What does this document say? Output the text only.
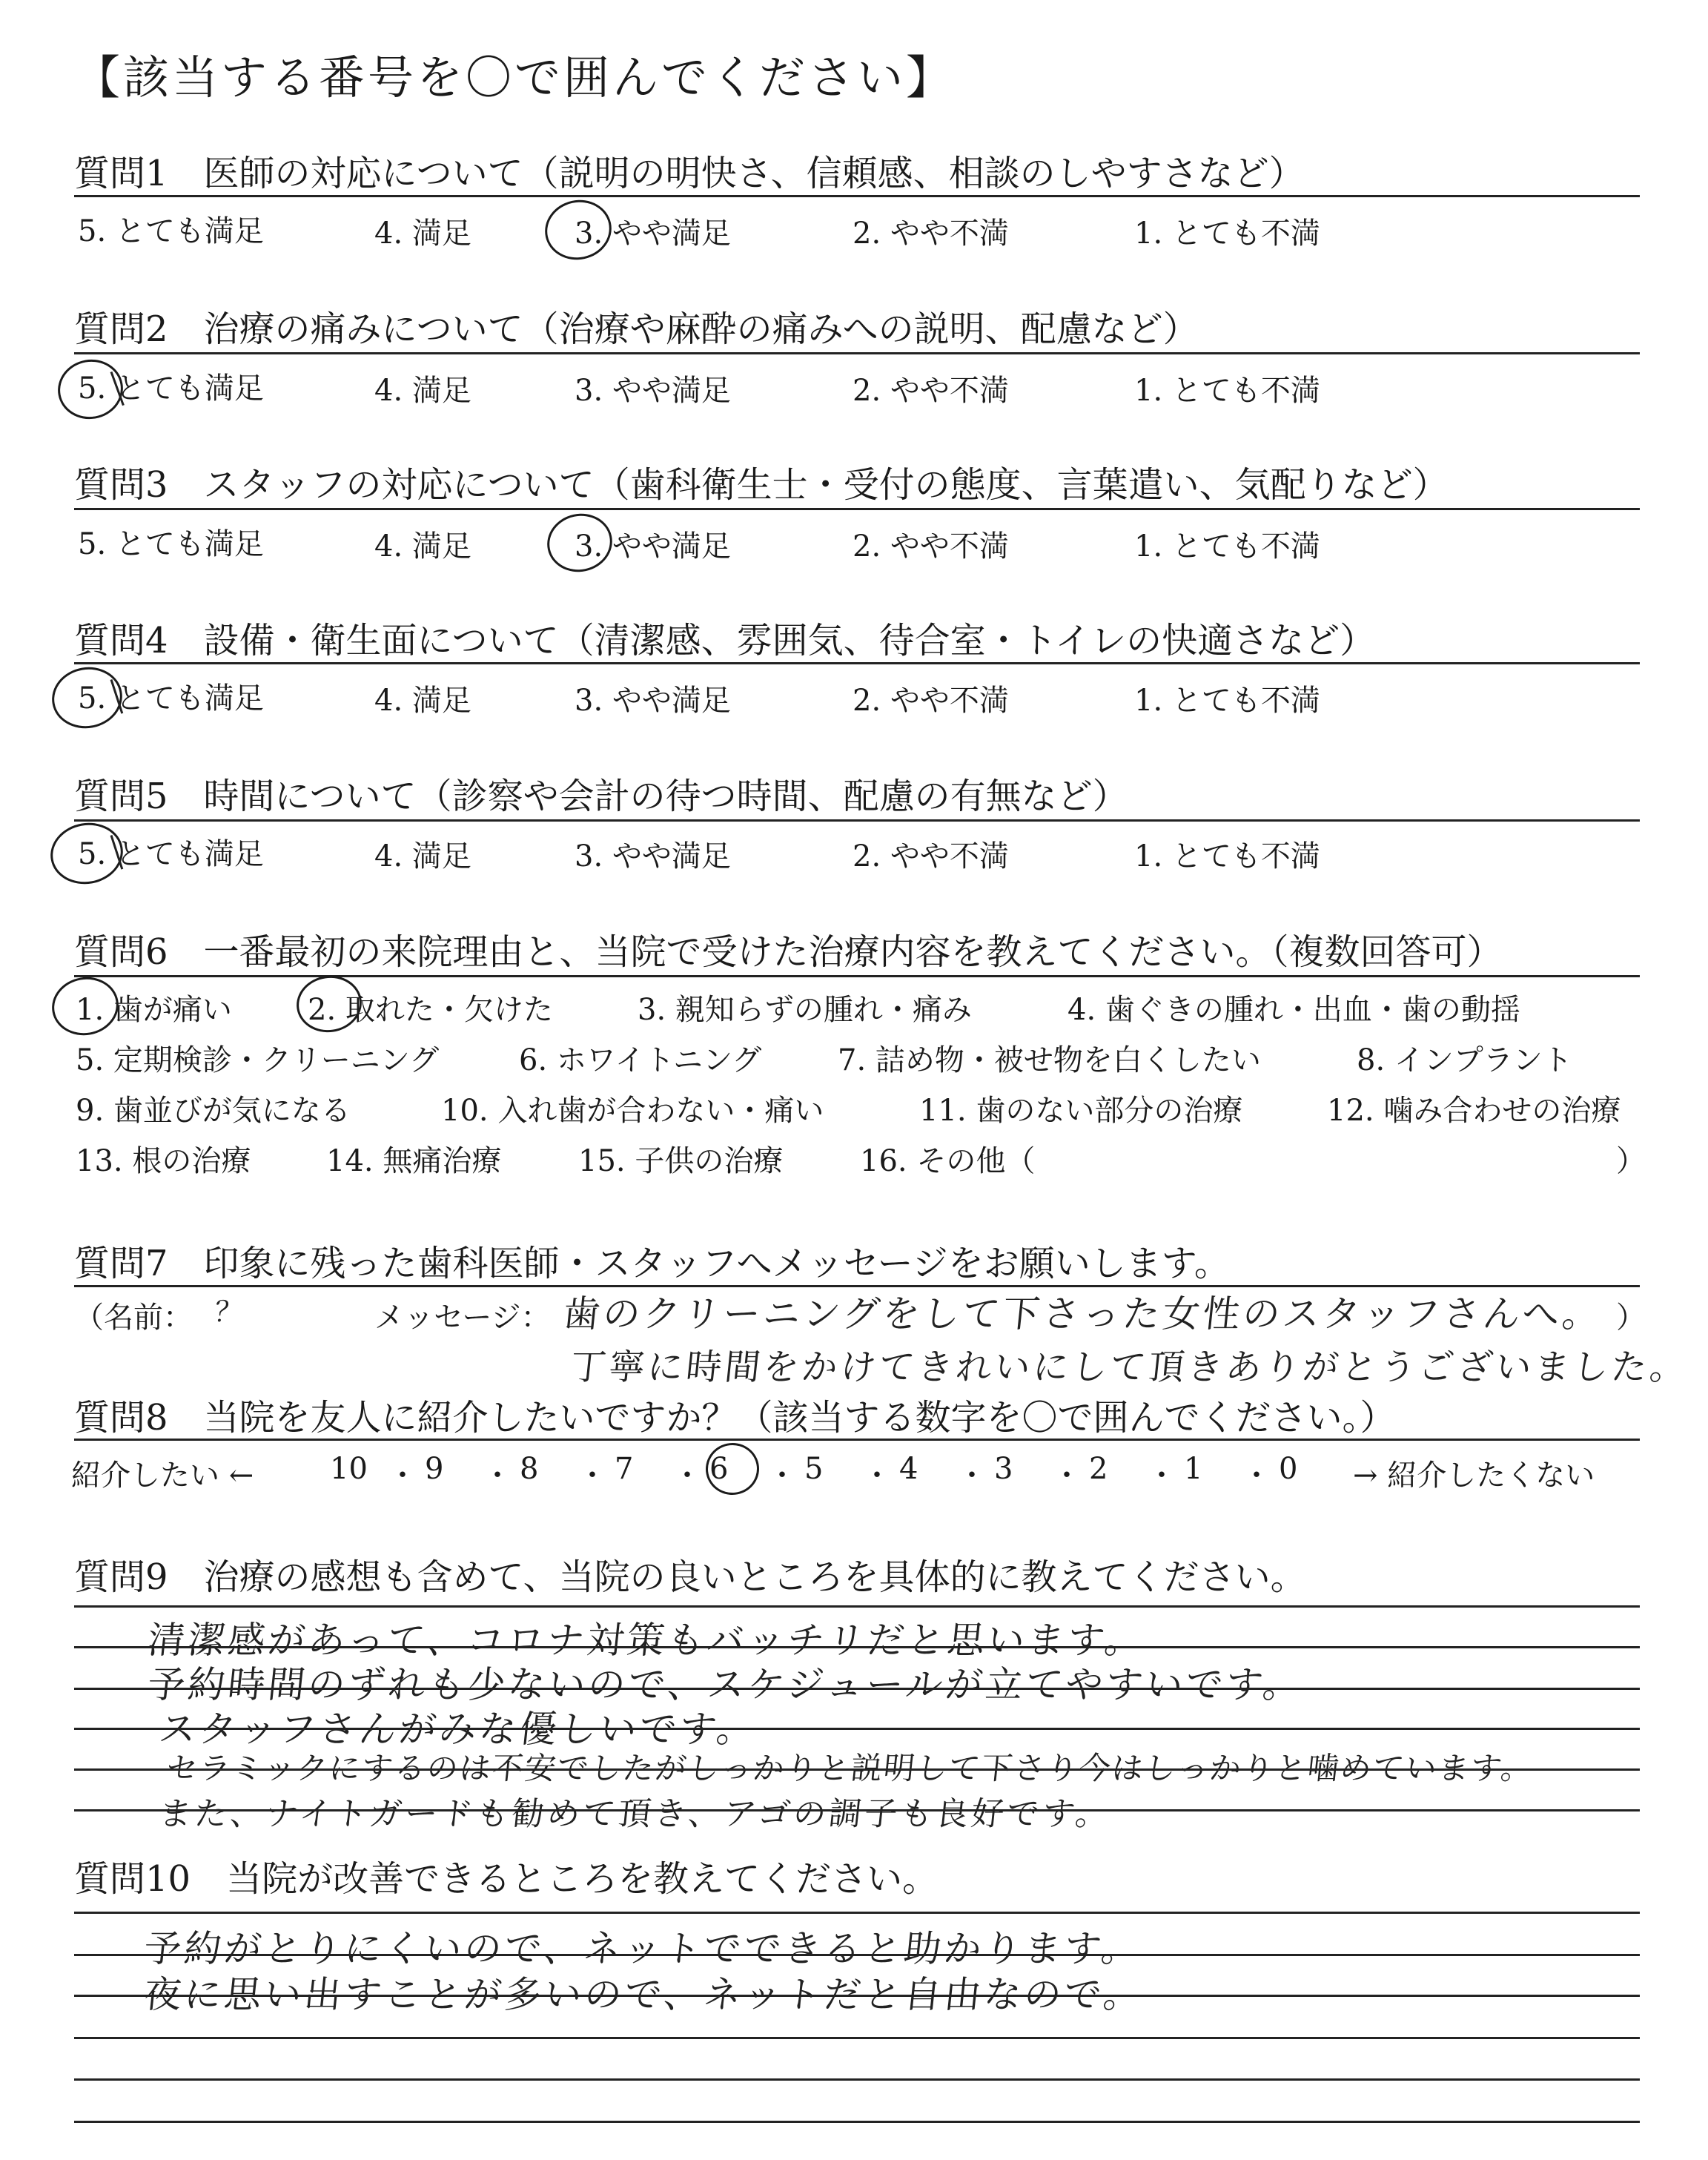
【該当する番号を〇で囲んでください】
質問1　医師の対応について（説明の明快さ、信頼感、相談のしやすさなど）
5. とても満足	4. 満足	3. やや満足	2. やや不満	1. とても不満
質問2　治療の痛みについて（治療や麻酔の痛みへの説明、配慮など）
5. とても満足	4. 満足	3. やや満足	2. やや不満	1. とても不満
質問3　スタッフの対応について（歯科衛生士・受付の態度、言葉遣い、気配りなど）
5. とても満足	4. 満足	3. やや満足	2. やや不満	1. とても不満
質問4　設備・衛生面について（清潔感、雰囲気、待合室・トイレの快適さなど）
5. とても満足	4. 満足	3. やや満足	2. やや不満	1. とても不満
質問5　時間について（診察や会計の待つ時間、配慮の有無など）
5. とても満足	4. 満足	3. やや満足	2. やや不満	1. とても不満
質問6　一番最初の来院理由と、当院で受けた治療内容を教えてください。（複数回答可）
1. 歯が痛い	2. 取れた・欠けた	3. 親知らずの腫れ・痛み	4. 歯ぐきの腫れ・出血・歯の動揺
5. 定期検診・クリーニング	6. ホワイトニング	7. 詰め物・被せ物を白くしたい	8. インプラント
9. 歯並びが気になる	10. 入れ歯が合わない・痛い	11. 歯のない部分の治療	12. 噛み合わせの治療
13. 根の治療	14. 無痛治療	15. 子供の治療	16. その他（	）
質問7　印象に残った歯科医師・スタッフへメッセージをお願いします。
（名前： ？	メッセージ：	）
歯のクリーニングをして下さった女性のスタッフさんへ。
丁寧に時間をかけてきれいにして頂きありがとうございました。
質問8　当院を友人に紹介したいですか？（該当する数字を〇で囲んでください。）
紹介したい ←	10 ・ 9 ・ 8 ・ 7 ・ 6 ・ 5 ・ 4 ・ 3 ・ 2 ・ 1 ・ 0 → 紹介したくない
質問9　治療の感想も含めて、当院の良いところを具体的に教えてください。
清潔感があって、コロナ対策もバッチリだと思います。
予約時間のずれも少ないので、スケジュールが立てやすいです。
スタッフさんがみな優しいです。
セラミックにするのは不安でしたがしっかりと説明して下さり今はしっかりと噛めています。
また、ナイトガードも勧めて頂き、アゴの調子も良好です。
質問10　当院が改善できるところを教えてください。
予約がとりにくいので、ネットでできると助かります。
夜に思い出すことが多いので、ネットだと自由なので。
